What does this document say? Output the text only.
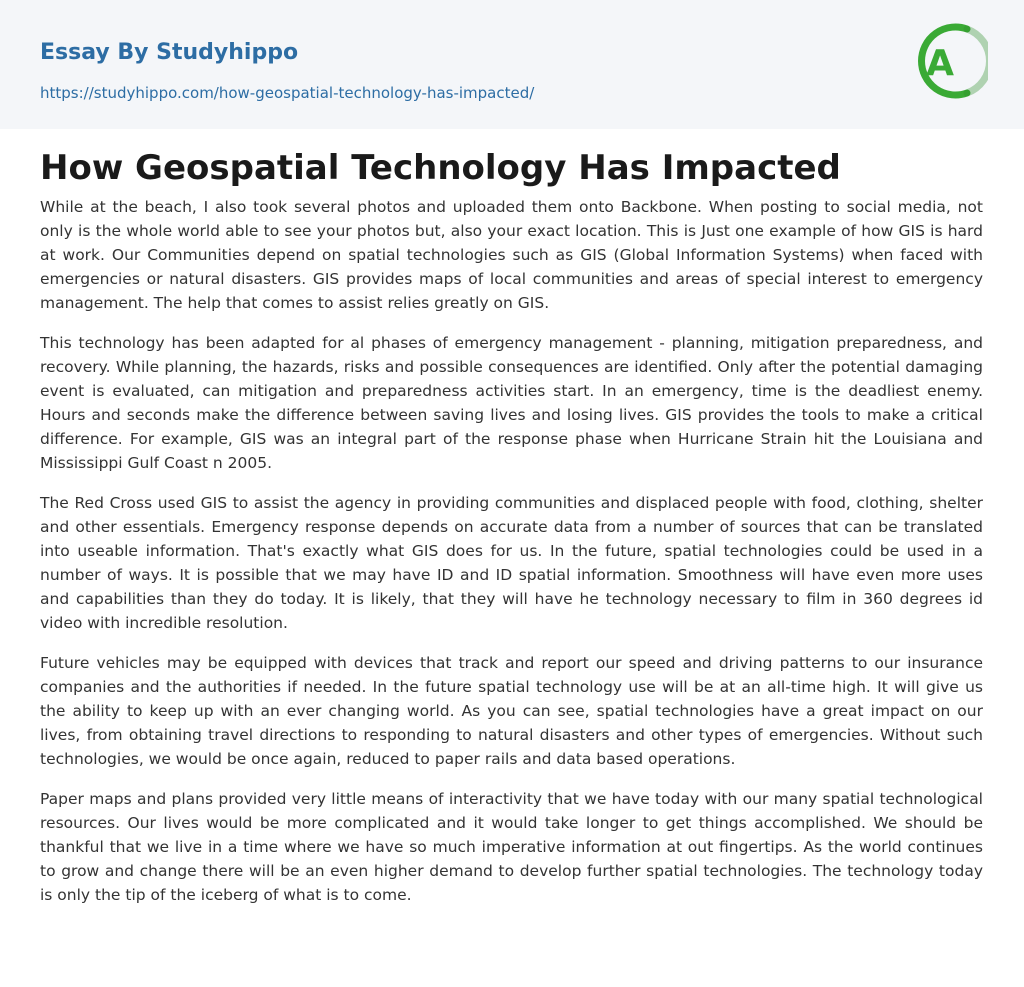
Essay By Studyhippo
https://studyhippo.com/how-geospatial-technology-has-impacted/
A
How Geospatial Technology Has Impacted

While at the beach, I also took several photos and uploaded them onto Backbone. When posting to social media, not only is the whole world able to see your photos but, also your exact location. This is Just one example of how GIS is hard at work. Our Communities depend on spatial technologies such as GIS (Global Information Systems) when faced with emergencies or natural disasters. GIS provides maps of local communities and areas of special interest to emergency management. The help that comes to assist relies greatly on GIS.

This technology has been adapted for al phases of emergency management - planning, mitigation preparedness, and recovery. While planning, the hazards, risks and possible consequences are identified. Only after the potential damaging event is evaluated, can mitigation and preparedness activities start. In an emergency, time is the deadliest enemy. Hours and seconds make the difference between saving lives and losing lives. GIS provides the tools to make a critical difference. For example, GIS was an integral part of the response phase when Hurricane Strain hit the Louisiana and Mississippi Gulf Coast n 2005.

The Red Cross used GIS to assist the agency in providing communities and displaced people with food, clothing, shelter and other essentials. Emergency response depends on accurate data from a number of sources that can be translated into useable information. That's exactly what GIS does for us. In the future, spatial technologies could be used in a number of ways. It is possible that we may have ID and ID spatial information. Smoothness will have even more uses and capabilities than they do today. It is likely, that they will have he technology necessary to film in 360 degrees id video with incredible resolution.

Future vehicles may be equipped with devices that track and report our speed and driving patterns to our insurance companies and the authorities if needed. In the future spatial technology use will be at an all-time high. It will give us the ability to keep up with an ever changing world. As you can see, spatial technologies have a great impact on our lives, from obtaining travel directions to responding to natural disasters and other types of emergencies. Without such technologies, we would be once again, reduced to paper rails and data based operations.

Paper maps and plans provided very little means of interactivity that we have today with our many spatial technological resources. Our lives would be more complicated and it would take longer to get things accomplished. We should be thankful that we live in a time where we have so much imperative information at out fingertips. As the world continues to grow and change there will be an even higher demand to develop further spatial technologies. The technology today is only the tip of the iceberg of what is to come.
